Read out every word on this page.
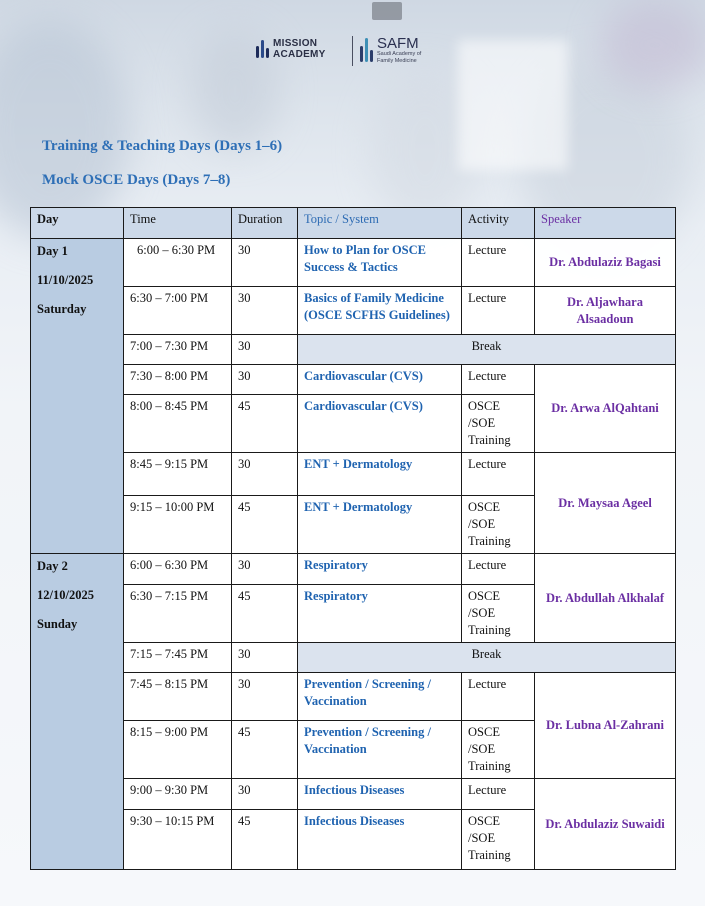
MISSION
ACADEMY
SAFM
Saudi Academy of Family Medicine
Training & Teaching Days (Days 1–6)
Mock OSCE Days (Days 7–8)
Day	Time	Duration	Topic / System	Activity	Speaker

Day 1
11/10/2025
Saturday	6:00 – 6:30 PM	30	How to Plan for OSCE Success & Tactics	Lecture	Dr. Abdulaziz Bagasi
	6:30 – 7:00 PM	30	Basics of Family Medicine (OSCE SCFHS Guidelines)	Lecture	Dr. Aljawhara Alsaadoun
	7:00 – 7:30 PM	30	Break		
	7:30 – 8:00 PM	30	Cardiovascular (CVS)	Lecture	Dr. Arwa AlQahtani
	8:00 – 8:45 PM	45	Cardiovascular (CVS)	OSCE /SOE Training	
	8:45 – 9:15 PM	30	ENT + Dermatology	Lecture	Dr. Maysaa Ageel
	9:15 – 10:00 PM	45	ENT + Dermatology	OSCE /SOE Training	

Day 2
12/10/2025
Sunday	6:00 – 6:30 PM	30	Respiratory	Lecture	Dr. Abdullah Alkhalaf
	6:30 – 7:15 PM	45	Respiratory	OSCE /SOE Training	
	7:15 – 7:45 PM	30	Break		
	7:45 – 8:15 PM	30	Prevention / Screening / Vaccination	Lecture	Dr. Lubna Al-Zahrani
	8:15 – 9:00 PM	45	Prevention / Screening / Vaccination	OSCE /SOE Training	
	9:00 – 9:30 PM	30	Infectious Diseases	Lecture	Dr. Abdulaziz Suwaidi
	9:30 – 10:15 PM	45	Infectious Diseases	OSCE /SOE Training	
